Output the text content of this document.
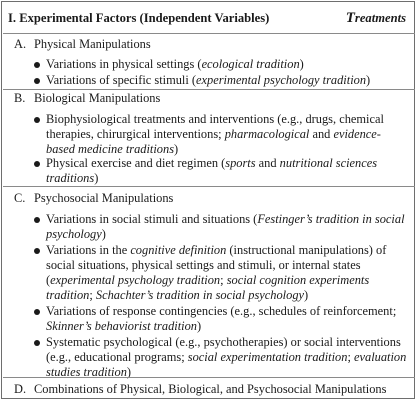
I. Experimental Factors (Independent Variables)	Treatments
A. Physical Manipulations
Variations in physical settings (ecological tradition)
Variations of specific stimuli (experimental psychology tradition)
B. Biological Manipulations
Biophysiological treatments and interventions (e.g., drugs, chemical therapies, chirurgical interventions; pharmacological and evidence-based medicine traditions)
Physical exercise and diet regimen (sports and nutritional sciences traditions)
C. Psychosocial Manipulations
Variations in social stimuli and situations (Festinger’s tradition in social psychology)
Variations in the cognitive definition (instructional manipulations) of social situations, physical settings and stimuli, or internal states (experimental psychology tradition; social cognition experiments tradition; Schachter’s tradition in social psychology)
Variations of response contingencies (e.g., schedules of reinforcement; Skinner’s behaviorist tradition)
Systematic psychological (e.g., psychotherapies) or social interventions (e.g., educational programs; social experimentation tradition; evaluation studies tradition)
D. Combinations of Physical, Biological, and Psychosocial Manipulations
